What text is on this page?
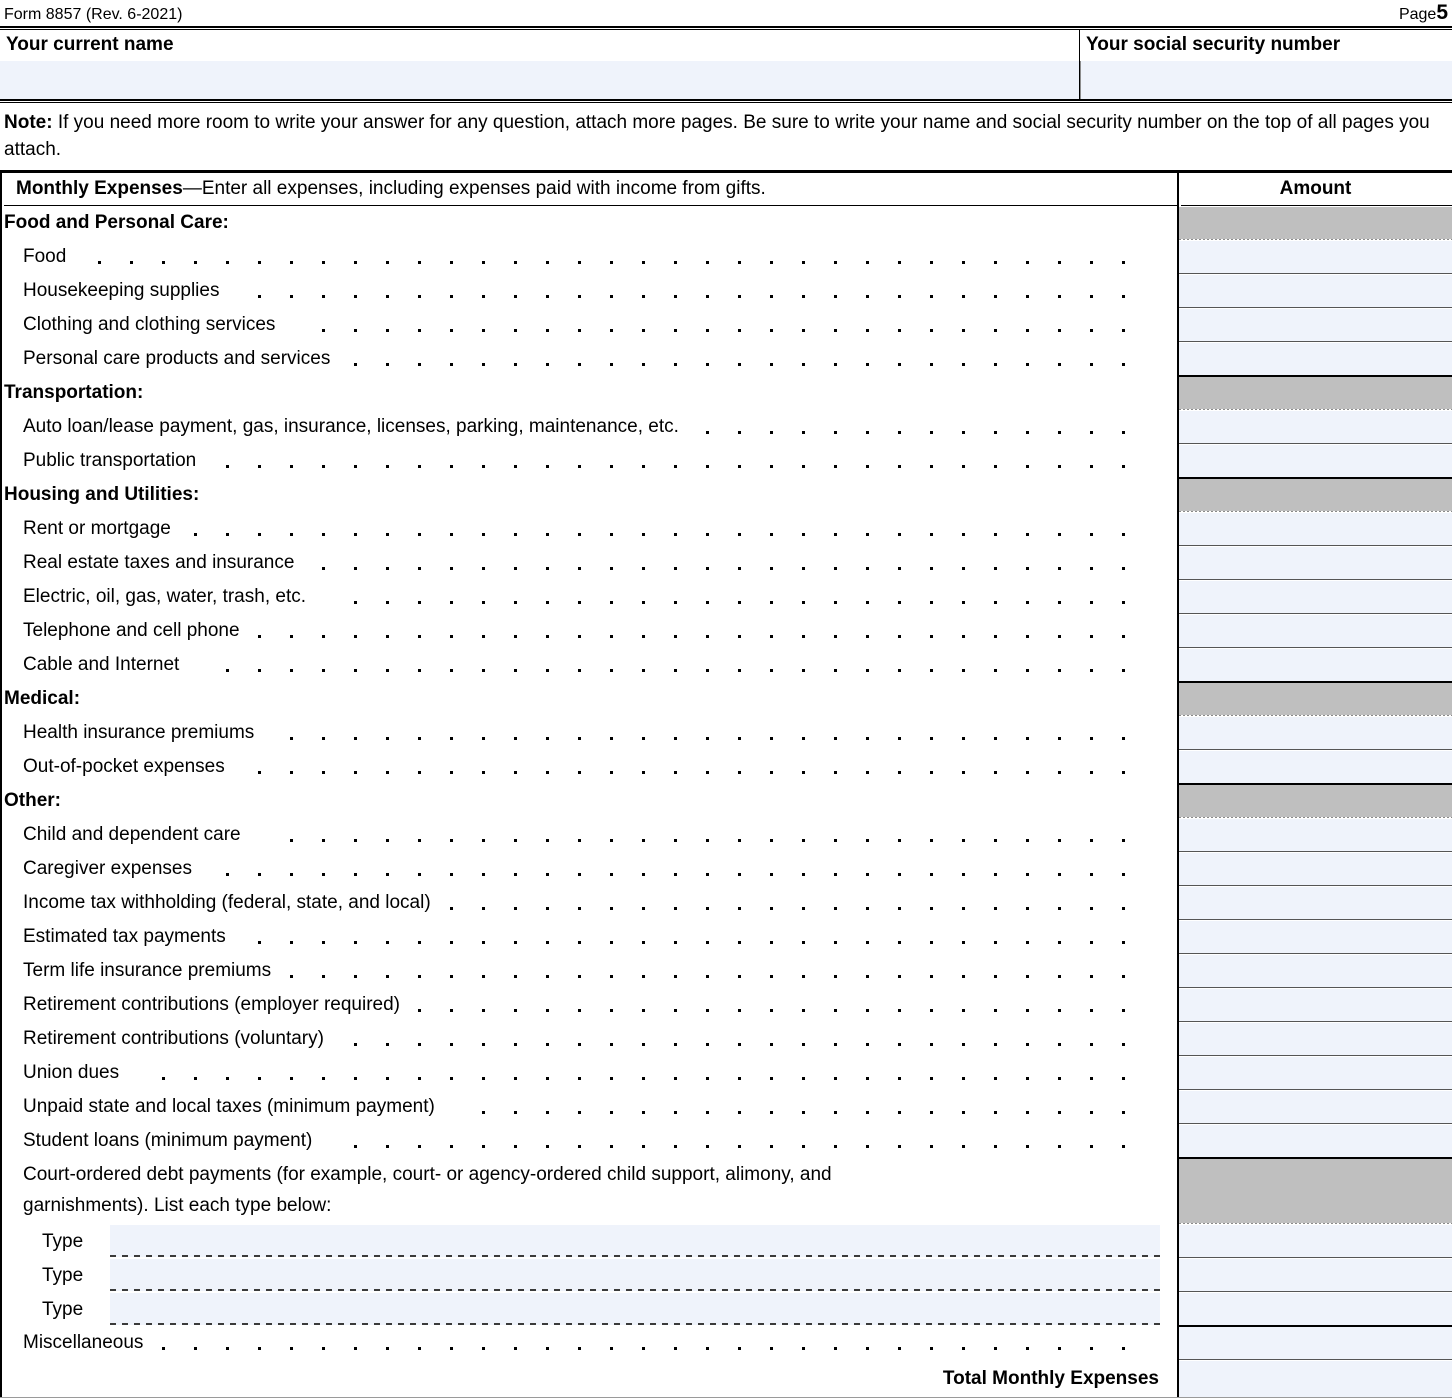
Form 8857 (Rev. 6-2021)	Page5
Your current name	Your social security number
Note: If you need more room to write your answer for any question, attach more pages. Be sure to write your name and social security number on the top of all pages you attach.
Monthly Expenses—Enter all expenses, including expenses paid with income from gifts.	Amount
Food and Personal Care:
Food
Housekeeping supplies
Clothing and clothing services
Personal care products and services
Transportation:
Auto loan/lease payment, gas, insurance, licenses, parking, maintenance, etc.
Public transportation
Housing and Utilities:
Rent or mortgage
Real estate taxes and insurance
Electric, oil, gas, water, trash, etc.
Telephone and cell phone
Cable and Internet
Medical:
Health insurance premiums
Out-of-pocket expenses
Other:
Child and dependent care
Caregiver expenses
Income tax withholding (federal, state, and local)
Estimated tax payments
Term life insurance premiums
Retirement contributions (employer required)
Retirement contributions (voluntary)
Union dues
Unpaid state and local taxes (minimum payment)
Student loans (minimum payment)
Court-ordered debt payments (for example, court- or agency-ordered child support, alimony, and
garnishments). List each type below:
Type
Type
Type
Miscellaneous
Total Monthly Expenses
